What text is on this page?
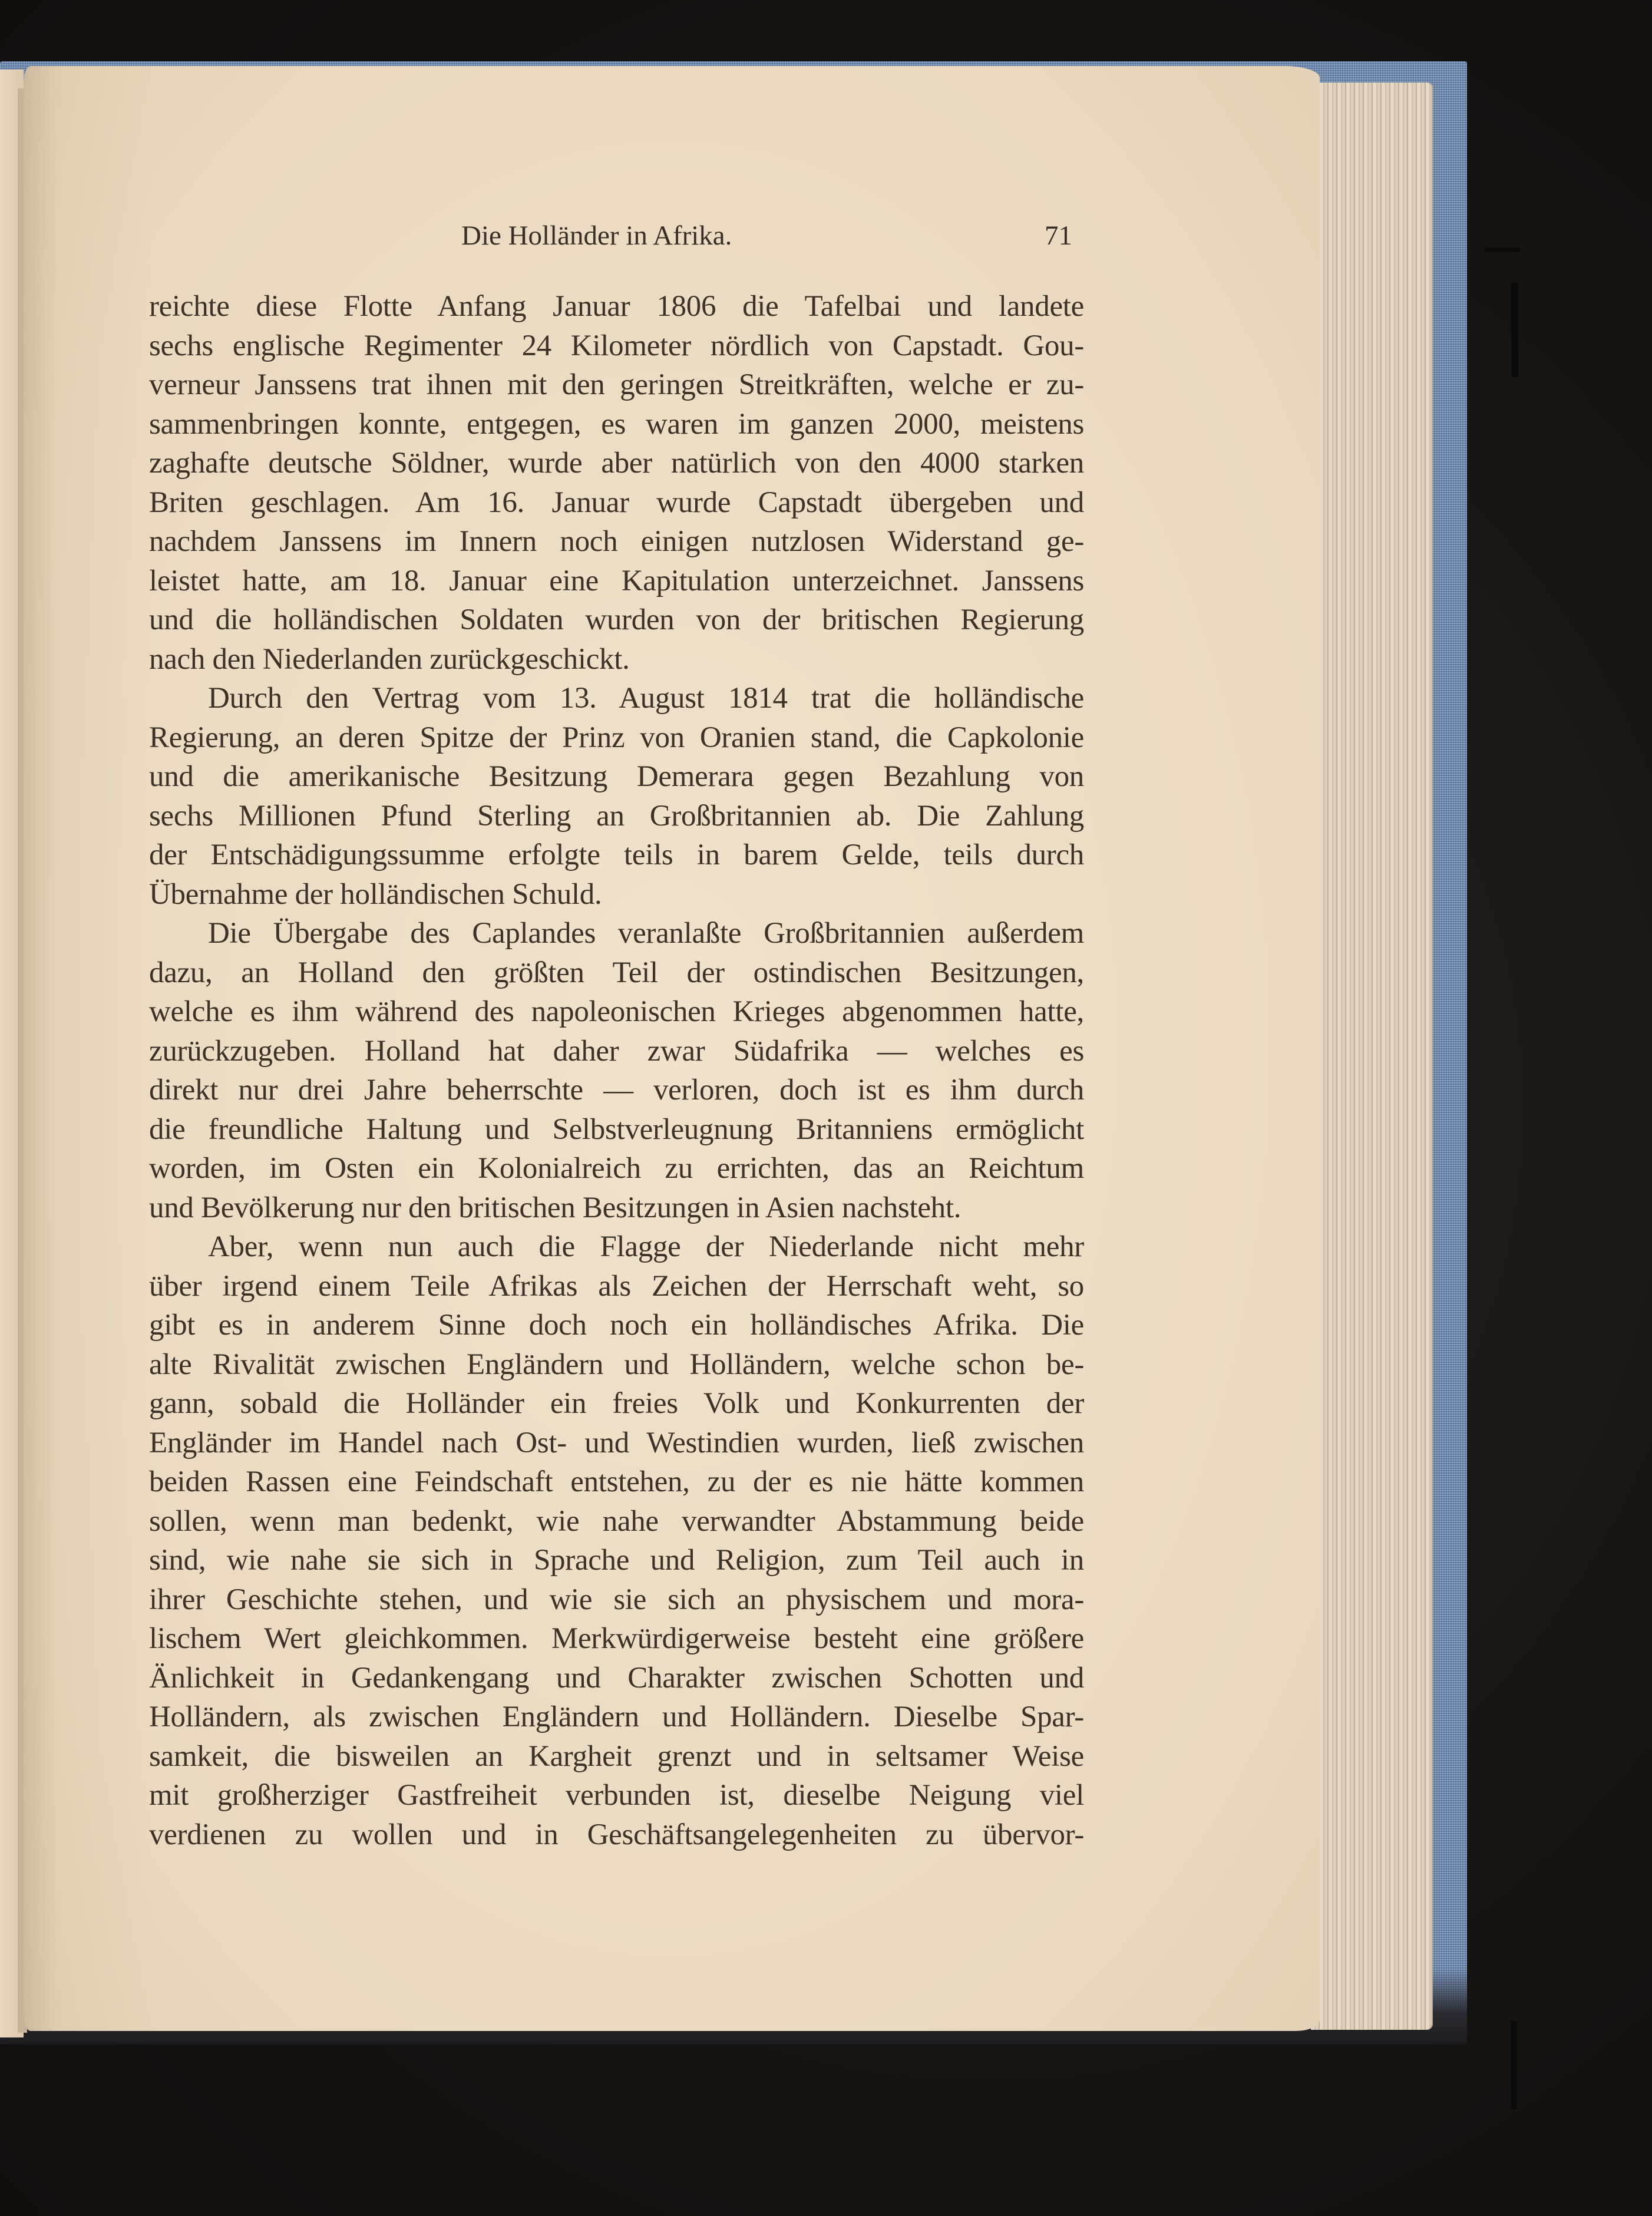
Die Holländer in Afrika.	71
reichte diese Flotte Anfang Januar 1806 die Tafelbai und landete
sechs englische Regimenter 24 Kilometer nördlich von Capstadt. Gou-
verneur Janssens trat ihnen mit den geringen Streitkräften, welche er zu-
sammenbringen konnte, entgegen, es waren im ganzen 2000, meistens
zaghafte deutsche Söldner, wurde aber natürlich von den 4000 starken
Briten geschlagen. Am 16. Januar wurde Capstadt übergeben und
nachdem Janssens im Innern noch einigen nutzlosen Widerstand ge-
leistet hatte, am 18. Januar eine Kapitulation unterzeichnet. Janssens
und die holländischen Soldaten wurden von der britischen Regierung
nach den Niederlanden zurückgeschickt.
Durch den Vertrag vom 13. August 1814 trat die holländische
Regierung, an deren Spitze der Prinz von Oranien stand, die Capkolonie
und die amerikanische Besitzung Demerara gegen Bezahlung von
sechs Millionen Pfund Sterling an Großbritannien ab. Die Zahlung
der Entschädigungssumme erfolgte teils in barem Gelde, teils durch
Übernahme der holländischen Schuld.
Die Übergabe des Caplandes veranlaßte Großbritannien außerdem
dazu, an Holland den größten Teil der ostindischen Besitzungen,
welche es ihm während des napoleonischen Krieges abgenommen hatte,
zurückzugeben. Holland hat daher zwar Südafrika — welches es
direkt nur drei Jahre beherrschte — verloren, doch ist es ihm durch
die freundliche Haltung und Selbstverleugnung Britanniens ermöglicht
worden, im Osten ein Kolonialreich zu errichten, das an Reichtum
und Bevölkerung nur den britischen Besitzungen in Asien nachsteht.
Aber, wenn nun auch die Flagge der Niederlande nicht mehr
über irgend einem Teile Afrikas als Zeichen der Herrschaft weht, so
gibt es in anderem Sinne doch noch ein holländisches Afrika. Die
alte Rivalität zwischen Engländern und Holländern, welche schon be-
gann, sobald die Holländer ein freies Volk und Konkurrenten der
Engländer im Handel nach Ost- und Westindien wurden, ließ zwischen
beiden Rassen eine Feindschaft entstehen, zu der es nie hätte kommen
sollen, wenn man bedenkt, wie nahe verwandter Abstammung beide
sind, wie nahe sie sich in Sprache und Religion, zum Teil auch in
ihrer Geschichte stehen, und wie sie sich an physischem und mora-
lischem Wert gleichkommen. Merkwürdigerweise besteht eine größere
Änlichkeit in Gedankengang und Charakter zwischen Schotten und
Holländern, als zwischen Engländern und Holländern. Dieselbe Spar-
samkeit, die bisweilen an Kargheit grenzt und in seltsamer Weise
mit großherziger Gastfreiheit verbunden ist, dieselbe Neigung viel
verdienen zu wollen und in Geschäftsangelegenheiten zu übervor-
